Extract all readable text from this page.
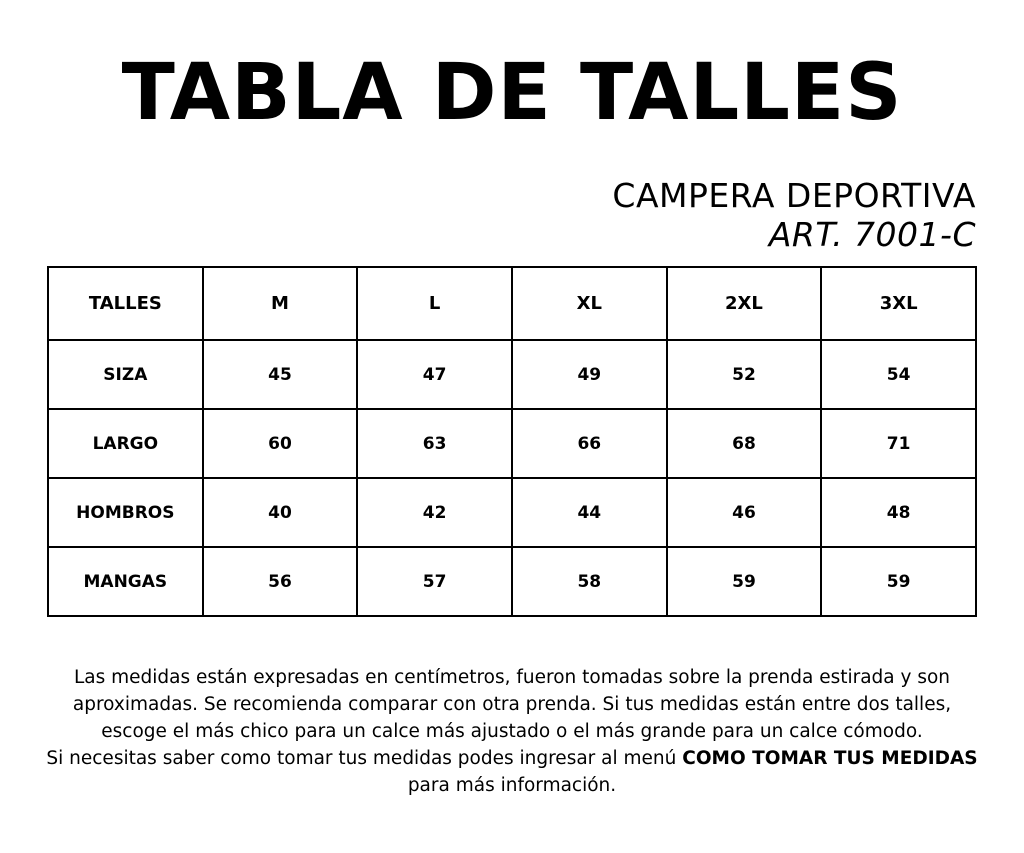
TABLA DE TALLES
CAMPERA DEPORTIVA
ART. 7001-C
TALLES	M	L	XL	2XL	3XL
SIZA	45	47	49	52	54
LARGO	60	63	66	68	71
HOMBROS	40	42	44	46	48
MANGAS	56	57	58	59	59

Las medidas están expresadas en centímetros, fueron tomadas sobre la prenda estirada y son aproximadas. Se recomienda comparar con otra prenda. Si tus medidas están entre dos talles, escoge el más chico para un calce más ajustado o el más grande para un calce cómodo.

Si necesitas saber como tomar tus medidas podes ingresar al menú COMO TOMAR TUS MEDIDAS para más información.
